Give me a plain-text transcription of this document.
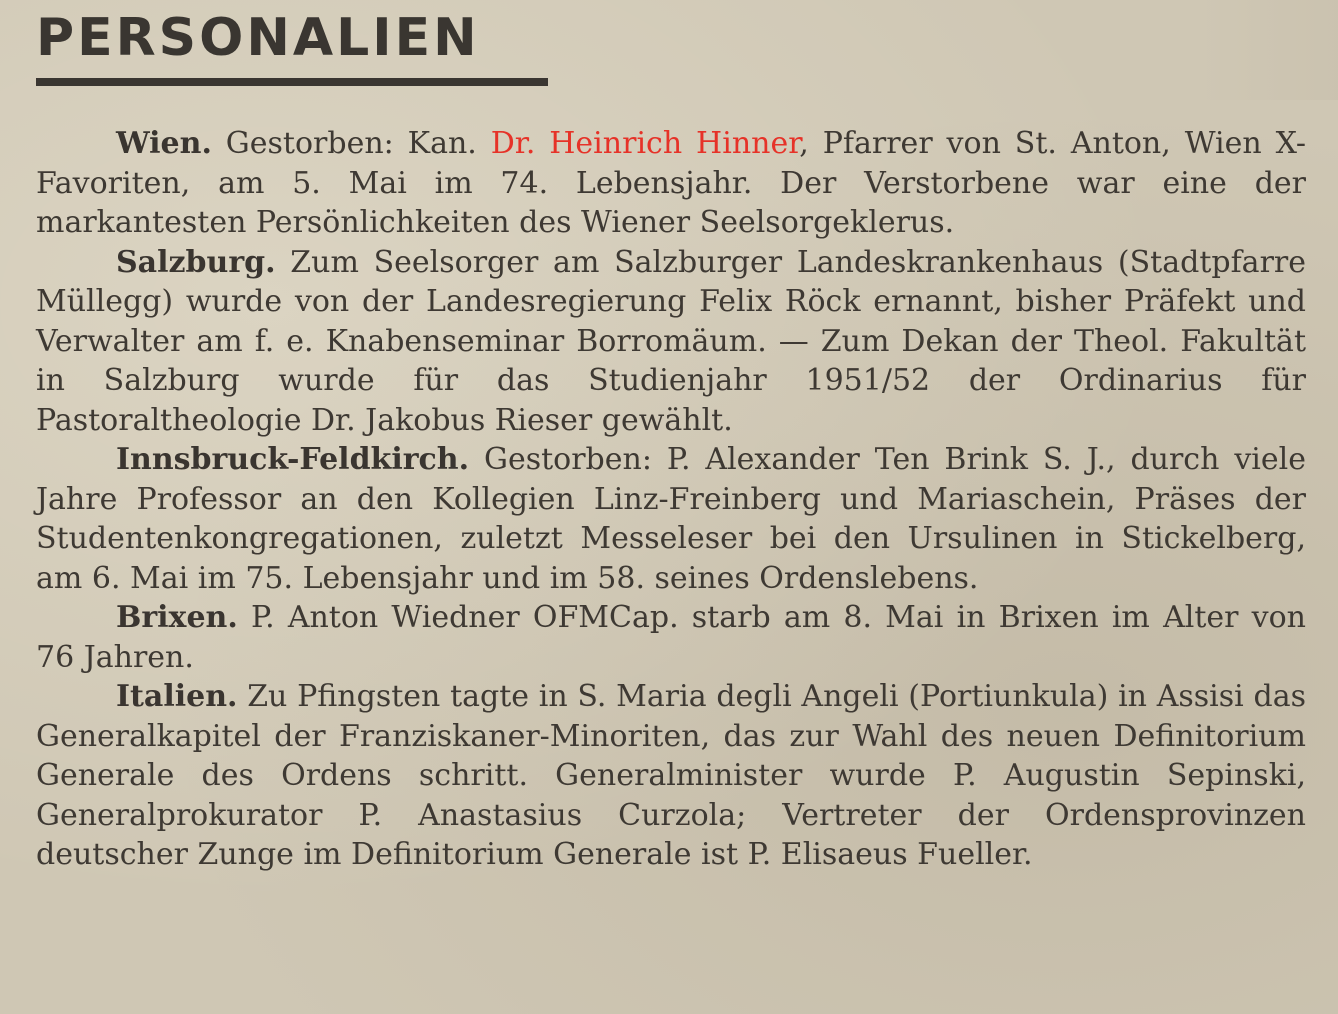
PERSONALIEN

Wien. Gestorben: Kan. Dr. Heinrich Hinner, Pfarrer von St. Anton, Wien X-Favoriten, am 5. Mai im 74. Lebensjahr. Der Verstorbene war eine der markantesten Persönlichkeiten des Wiener Seelsorgeklerus.

Salzburg. Zum Seelsorger am Salzburger Landeskrankenhaus (Stadtpfarre Müllegg) wurde von der Landesregierung Felix Röck ernannt, bisher Präfekt und Verwalter am f. e. Knabenseminar Borromäum. — Zum Dekan der Theol. Fakultät in Salzburg wurde für das Studienjahr 1951/52 der Ordinarius für Pastoraltheologie Dr. Jakobus Rieser gewählt.

Innsbruck-Feldkirch. Gestorben: P. Alexander Ten Brink S. J., durch viele Jahre Professor an den Kollegien Linz-Freinberg und Mariaschein, Präses der Studentenkongregationen, zuletzt Messeleser bei den Ursulinen in Stickelberg, am 6. Mai im 75. Lebensjahr und im 58. seines Ordenslebens.

Brixen. P. Anton Wiedner OFMCap. starb am 8. Mai in Brixen im Alter von 76 Jahren.

Italien. Zu Pfingsten tagte in S. Maria degli Angeli (Portiunkula) in Assisi das Generalkapitel der Franziskaner-Minoriten, das zur Wahl des neuen Definitorium Generale des Ordens schritt. Generalminister wurde P. Augustin Sepinski, Generalprokurator P. Anastasius Curzola; Vertreter der Ordensprovinzen deutscher Zunge im Definitorium Generale ist P. Elisaeus Fueller.
